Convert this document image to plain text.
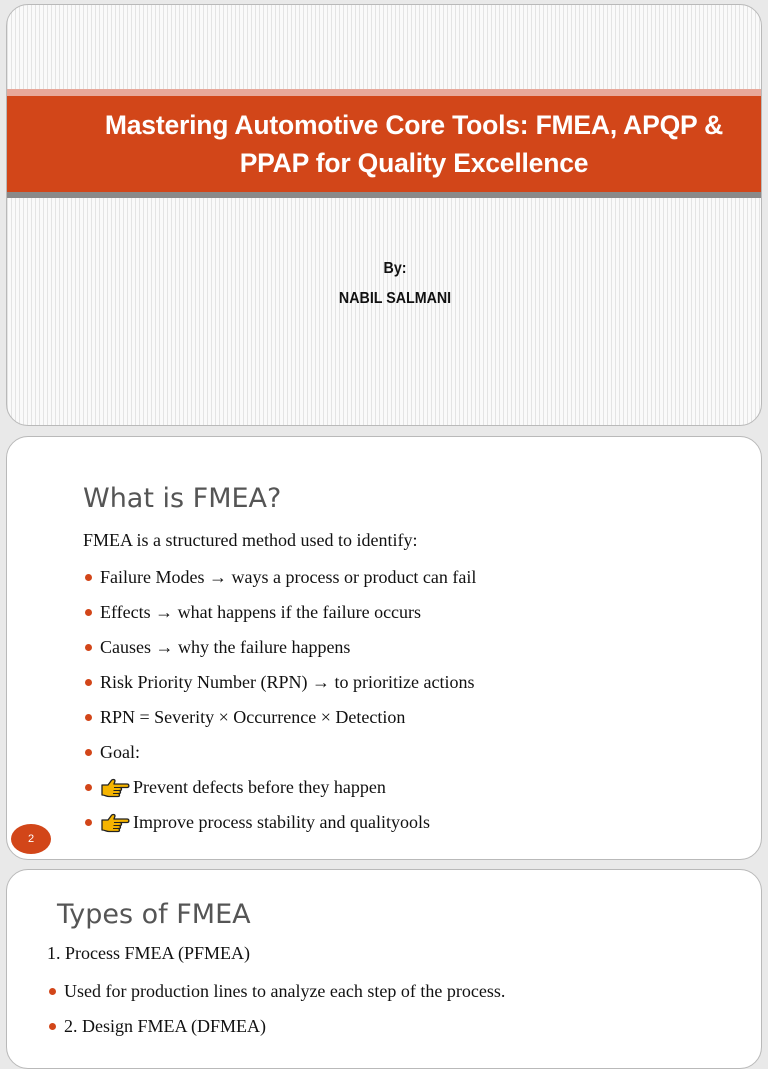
Mastering Automotive Core Tools: FMEA, APQP &
PPAP for Quality Excellence
By:
NABIL SALMANI
What is FMEA?
FMEA is a structured method used to identify:
Failure Modes → ways a process or product can fail
Effects → what happens if the failure occurs
Causes → why the failure happens
Risk Priority Number (RPN) → to prioritize actions
RPN = Severity × Occurrence × Detection
Goal:
Prevent defects before they happen
Improve process stability and qualityools
2
Types of FMEA
1. Process FMEA (PFMEA)
Used for production lines to analyze each step of the process.
2. Design FMEA (DFMEA)
